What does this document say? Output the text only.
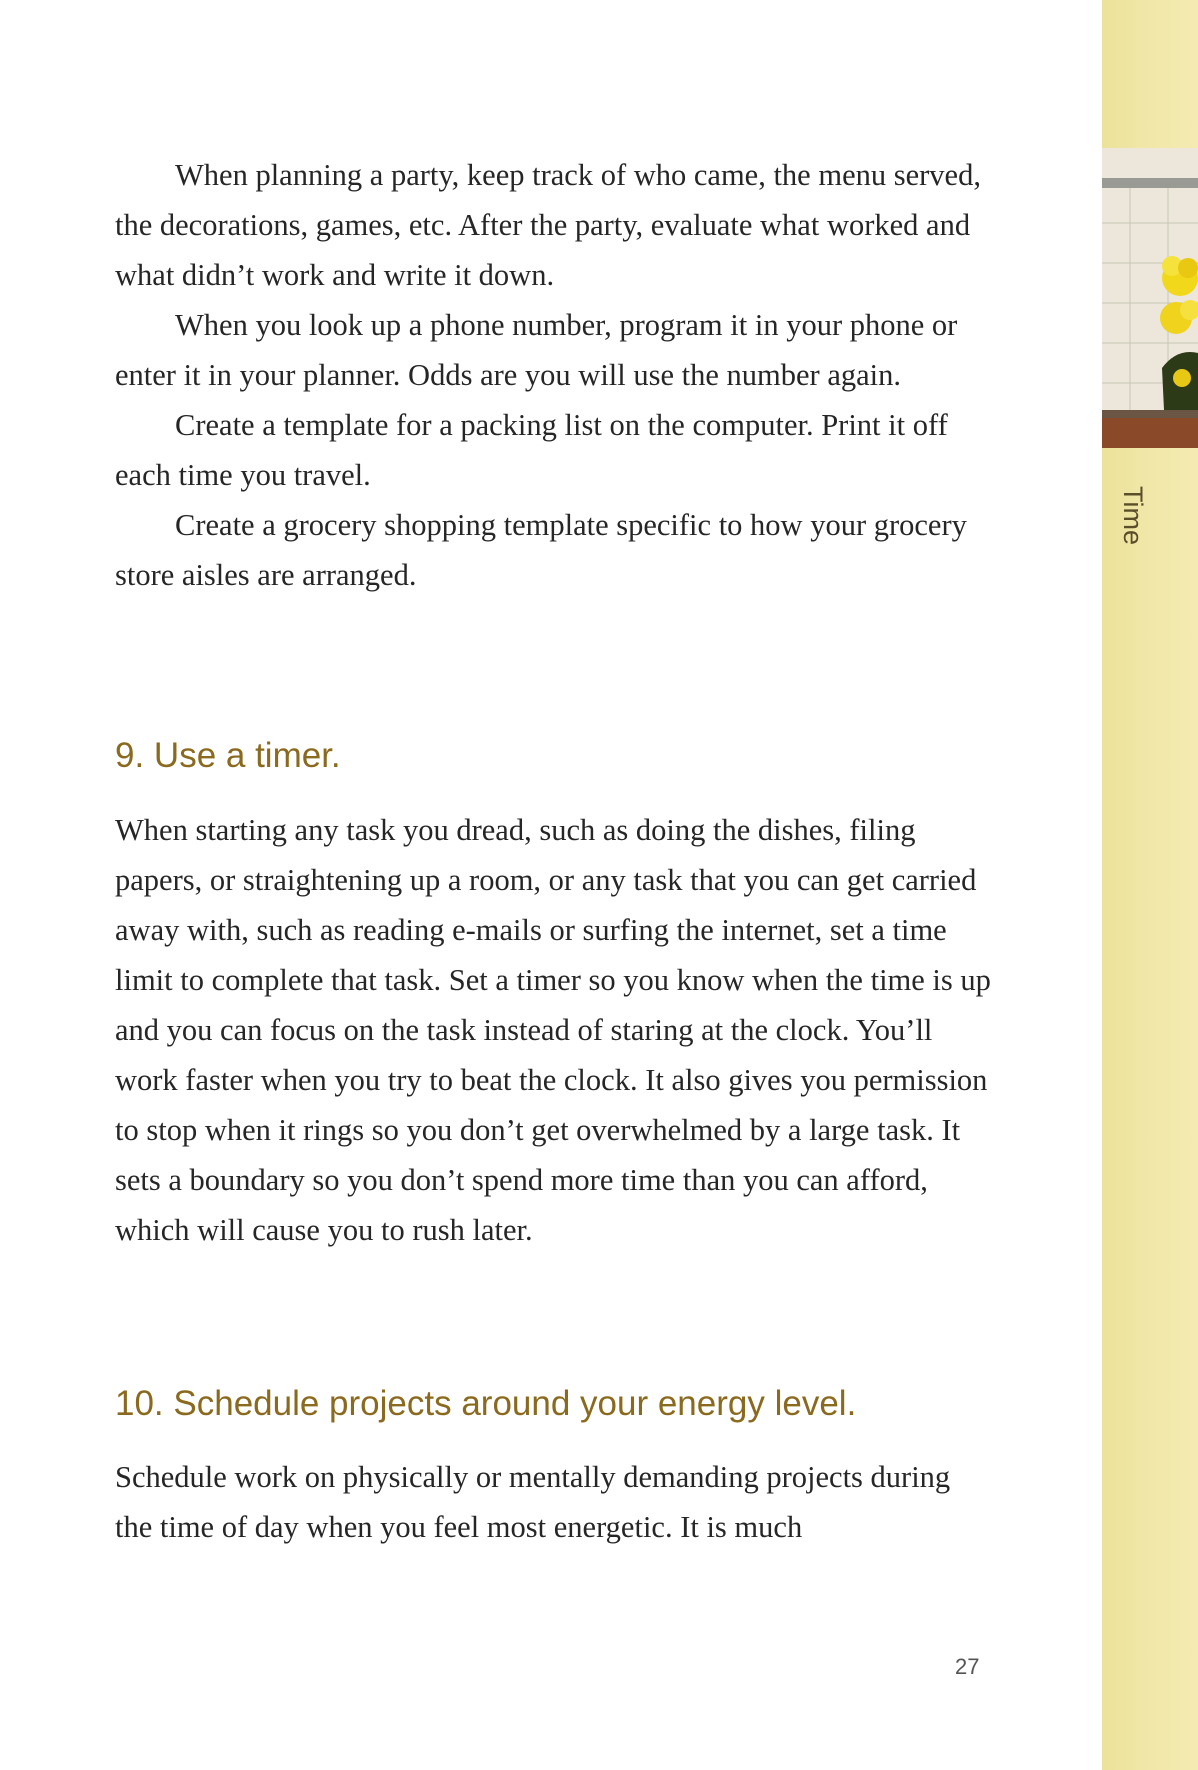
Time

When planning a party, keep track of who came, the menu served, the decorations, games, etc. After the party, evaluate what worked and what didn’t work and write it down.

When you look up a phone number, program it in your phone or enter it in your planner. Odds are you will use the number again.

Create a template for a packing list on the computer. Print it off each time you travel.

Create a grocery shopping template specific to how your grocery store aisles are arranged.

9. Use a timer.

When starting any task you dread, such as doing the dishes, filing papers, or straightening up a room, or any task that you can get carried away with, such as reading e-mails or surfing the internet, set a time limit to complete that task. Set a timer so you know when the time is up and you can focus on the task instead of staring at the clock. You’ll work faster when you try to beat the clock. It also gives you permission to stop when it rings so you don’t get overwhelmed by a large task. It sets a boundary so you don’t spend more time than you can afford, which will cause you to rush later.

10. Schedule projects around your energy level.

Schedule work on physically or mentally demanding projects during the time of day when you feel most energetic. It is much

27
